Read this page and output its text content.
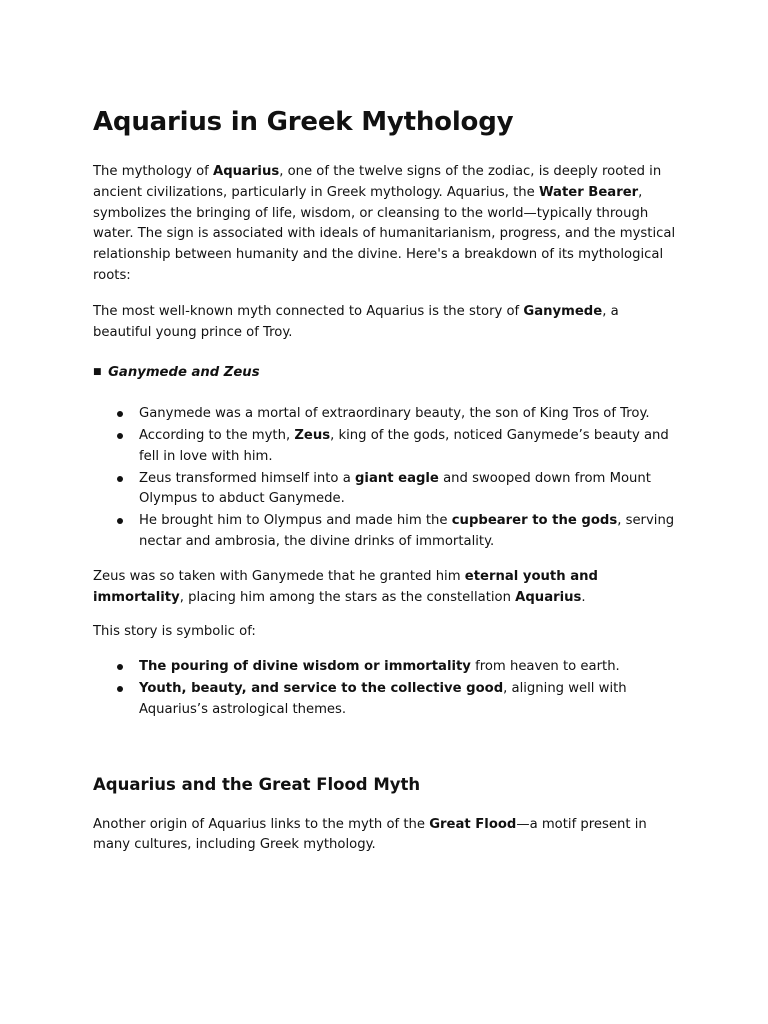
Aquarius in Greek Mythology

The mythology of Aquarius, one of the twelve signs of the zodiac, is deeply rooted in ancient civilizations, particularly in Greek mythology. Aquarius, the Water Bearer, symbolizes the bringing of life, wisdom, or cleansing to the world—typically through water. The sign is associated with ideals of humanitarianism, progress, and the mystical relationship between humanity and the divine. Here's a breakdown of its mythological roots:

The most well-known myth connected to Aquarius is the story of Ganymede, a beautiful young prince of Troy.

■ Ganymede and Zeus
Ganymede was a mortal of extraordinary beauty, the son of King Tros of Troy.
According to the myth, Zeus, king of the gods, noticed Ganymede’s beauty and fell in love with him.
Zeus transformed himself into a giant eagle and swooped down from Mount Olympus to abduct Ganymede.
He brought him to Olympus and made him the cupbearer to the gods, serving nectar and ambrosia, the divine drinks of immortality.

Zeus was so taken with Ganymede that he granted him eternal youth and immortality, placing him among the stars as the constellation Aquarius.

This story is symbolic of:

The pouring of divine wisdom or immortality from heaven to earth.
Youth, beauty, and service to the collective good, aligning well with Aquarius’s astrological themes.
Aquarius and the Great Flood Myth

Another origin of Aquarius links to the myth of the Great Flood—a motif present in many cultures, including Greek mythology.
